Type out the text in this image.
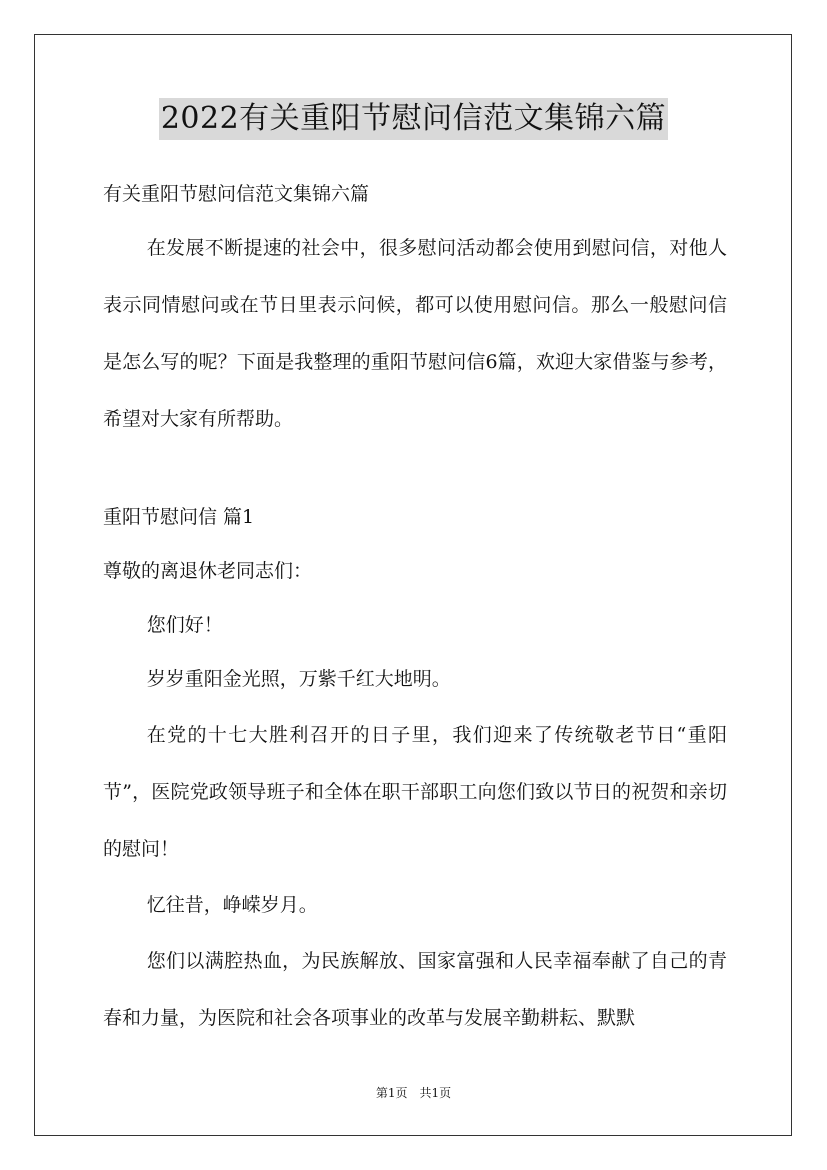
2022有关重阳节慰问信范文集锦六篇

有关重阳节慰问信范文集锦六篇

在发展不断提速的社会中，很多慰问活动都会使用到慰问信，对他人表示同情慰问或在节日里表示问候，都可以使用慰问信。那么一般慰问信是怎么写的呢？下面是我整理的重阳节慰问信6篇，欢迎大家借鉴与参考，希望对大家有所帮助。

重阳节慰问信 篇1

尊敬的离退休老同志们：

您们好！

岁岁重阳金光照，万紫千红大地明。

在党的十七大胜利召开的日子里，我们迎来了传统敬老节日“重阳节”，医院党政领导班子和全体在职干部职工向您们致以节日的祝贺和亲切的慰问！

忆往昔，峥嵘岁月。

您们以满腔热血，为民族解放、国家富强和人民幸福奉献了自己的青春和力量，为医院和社会各项事业的改革与发展辛勤耕耘、默默

第1页　共1页
